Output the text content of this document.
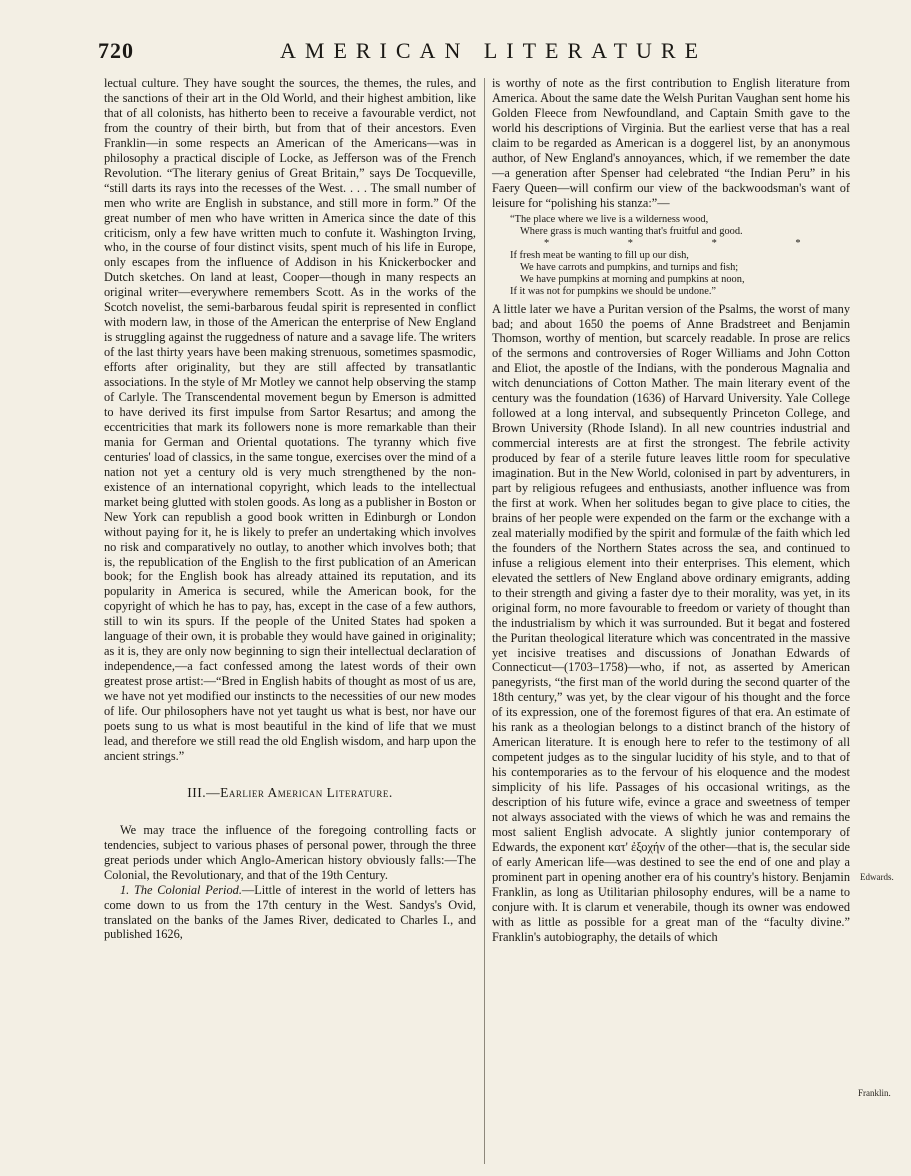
720	AMERICAN LITERATURE

lectual culture. They have sought the sources, the themes, the rules, and the sanctions of their art in the Old World, and their highest ambition, like that of all colonists, has hitherto been to receive a favourable verdict, not from the country of their birth, but from that of their ancestors. Even Franklin—in some respects an American of the Americans—was in philosophy a practical disciple of Locke, as Jefferson was of the French Revolution. “The literary genius of Great Britain,” says De Tocqueville, “still darts its rays into the recesses of the West. . . . The small number of men who write are English in substance, and still more in form.” Of the great number of men who have written in America since the date of this criticism, only a few have written much to confute it. Washington Irving, who, in the course of four distinct visits, spent much of his life in Europe, only escapes from the influence of Addison in his Knickerbocker and Dutch sketches. On land at least, Cooper—though in many respects an original writer—everywhere remembers Scott. As in the works of the Scotch novelist, the semi-barbarous feudal spirit is represented in conflict with modern law, in those of the American the enterprise of New England is struggling against the ruggedness of nature and a savage life. The writers of the last thirty years have been making strenuous, sometimes spasmodic, efforts after originality, but they are still affected by transatlantic associations. In the style of Mr Motley we cannot help observing the stamp of Carlyle. The Transcendental movement begun by Emerson is admitted to have derived its first impulse from Sartor Resartus; and among the eccentricities that mark its followers none is more remarkable than their mania for German and Oriental quotations. The tyranny which five centuries' load of classics, in the same tongue, exercises over the mind of a nation not yet a century old is very much strengthened by the non-existence of an international copyright, which leads to the intellectual market being glutted with stolen goods. As long as a publisher in Boston or New York can republish a good book written in Edinburgh or London without paying for it, he is likely to prefer an undertaking which involves no risk and comparatively no outlay, to another which involves both; that is, the republication of the English to the first publication of an American book; for the English book has already attained its reputation, and its popularity in America is secured, while the American book, for the copyright of which he has to pay, has, except in the case of a few authors, still to win its spurs. If the people of the United States had spoken a language of their own, it is probable they would have gained in originality; as it is, they are only now beginning to sign their intellectual declaration of independence,—a fact confessed among the latest words of their own greatest prose artist:—“Bred in English habits of thought as most of us are, we have not yet modified our instincts to the necessities of our new modes of life. Our philosophers have not yet taught us what is best, nor have our poets sung to us what is most beautiful in the kind of life that we must lead, and therefore we still read the old English wisdom, and harp upon the ancient strings.”

III.—Earlier American Literature.

We may trace the influence of the foregoing controlling facts or tendencies, subject to various phases of personal power, through the three great periods under which Anglo-American history obviously falls:—The Colonial, the Revolutionary, and that of the 19th Century.

1. The Colonial Period.—Little of interest in the world of letters has come down to us from the 17th century in the West. Sandys's Ovid, translated on the banks of the James River, dedicated to Charles I., and published 1626,

is worthy of note as the first contribution to English literature from America. About the same date the Welsh Puritan Vaughan sent home his Golden Fleece from Newfoundland, and Captain Smith gave to the world his descriptions of Virginia. But the earliest verse that has a real claim to be regarded as American is a doggerel list, by an anonymous author, of New England's annoyances, which, if we remember the date—a generation after Spenser had celebrated “the Indian Peru” in his Faery Queen—will confirm our view of the backwoodsman's want of leisure for “polishing his stanza:”—

“The place where we live is a wilderness wood,
Where grass is much wanting that's fruitful and good.
* * * *
If fresh meat be wanting to fill up our dish,
We have carrots and pumpkins, and turnips and fish;
We have pumpkins at morning and pumpkins at noon,
If it was not for pumpkins we should be undone.”

A little later we have a Puritan version of the Psalms, the worst of many bad; and about 1650 the poems of Anne Bradstreet and Benjamin Thomson, worthy of mention, but scarcely readable. In prose are relics of the sermons and controversies of Roger Williams and John Cotton and Eliot, the apostle of the Indians, with the ponderous Magnalia and witch denunciations of Cotton Mather. The main literary event of the century was the foundation (1636) of Harvard University. Yale College followed at a long interval, and subsequently Princeton College, and Brown University (Rhode Island). In all new countries industrial and commercial interests are at first the strongest. The febrile activity produced by fear of a sterile future leaves little room for speculative imagination. But in the New World, colonised in part by adventurers, in part by religious refugees and enthusiasts, another influence was from the first at work. When her solitudes began to give place to cities, the brains of her people were expended on the farm or the exchange with a zeal materially modified by the spirit and formulæ of the faith which led the founders of the Northern States across the sea, and continued to infuse a religious element into their enterprises. This element, which elevated the settlers of New England above ordinary emigrants, adding to their strength and giving a faster dye to their morality, was yet, in its original form, no more favourable to freedom or variety of thought than the industrialism by which it was surrounded. But it begat and fostered the Puritan theological literature which was concentrated in the massive yet incisive treatises and discussions of Jonathan Edwards of Connecticut—(1703–1758)—who, if not, as asserted by American panegyrists, “the first man of the world during the second quarter of the 18th century,” was yet, by the clear vigour of his thought and the force of its expression, one of the foremost figures of that era. An estimate of his rank as a theologian belongs to a distinct branch of the history of American literature. It is enough here to refer to the testimony of all competent judges as to the singular lucidity of his style, and to that of his contemporaries as to the fervour of his eloquence and the modest simplicity of his life. Passages of his occasional writings, as the description of his future wife, evince a grace and sweetness of temper not always associated with the views of which he was and remains the most salient English advocate. A slightly junior contemporary of Edwards, the exponent κατ' ἐξοχήν of the other—that is, the secular side of early American life—was destined to see the end of one and play a prominent part in opening another era of his country's history. Benjamin Franklin, as long as Utilitarian philosophy endures, will be a name to conjure with. It is clarum et venerabile, though its owner was endowed with as little as possible for a great man of the “faculty divine.” Franklin's autobiography, the details of which

Edwards.
Franklin.
